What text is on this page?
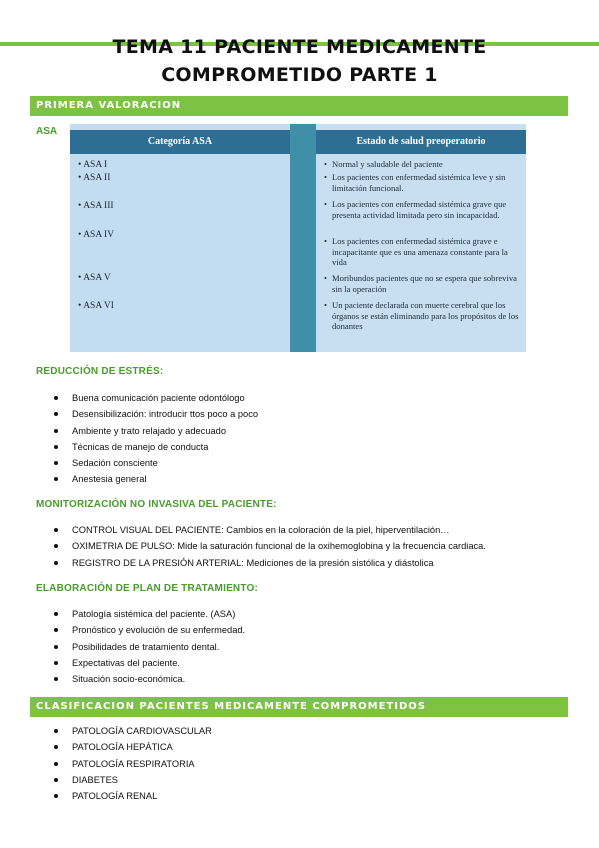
TEMA 11 PACIENTE MEDICAMENTE
COMPROMETIDO PARTE 1
PRIMERA VALORACION
ASA
Categoría ASA	Estado de salud preoperatorio
• ASA I
• ASA II
• ASA III
• ASA IV
• ASA V
• ASA VI
• Normal y saludable del paciente
• Los pacientes con enfermedad sistémica leve y sin limitación funcional.
• Los pacientes con enfermedad sistémica grave que presenta actividad limitada pero sin incapacidad.
• Los pacientes con enfermedad sistémica grave e incapacitante que es una amenaza constante para la vida
• Moribundos pacientes que no se espera que sobreviva sin la operación
• Un paciente declarada con muerte cerebral que los órganos se están eliminando para los propósitos de los donantes
REDUCCIÓN DE ESTRÉS:
Buena comunicación paciente odontólogo
Desensibilización: introducir ttos poco a poco
Ambiente y trato relajado y adecuado
Técnicas de manejo de conducta
Sedación consciente
Anestesia general
MONITORIZACIÓN NO INVASIVA DEL PACIENTE:
CONTROL VISUAL DEL PACIENTE: Cambios en la coloración de la piel, hiperventilación…
OXIMETRIA DE PULSO: Mide la saturación funcional de la oxihemoglobina y la frecuencia cardiaca.
REGISTRO DE LA PRESIÓN ARTERIAL: Mediciones de la presión sistólica y diástolica
ELABORACIÓN DE PLAN DE TRATAMIENTO:
Patología sistémica del paciente. (ASA)
Pronóstico y evolución de su enfermedad.
Posibilidades de tratamiento dental.
Expectativas del paciente.
Situación socio-económica.
CLASIFICACION PACIENTES MEDICAMENTE COMPROMETIDOS
PATOLOGÍA CARDIOVASCULAR
PATOLOGÍA HEPÁTICA
PATOLOGÍA RESPIRATORIA
DIABETES
PATOLOGÍA RENAL
